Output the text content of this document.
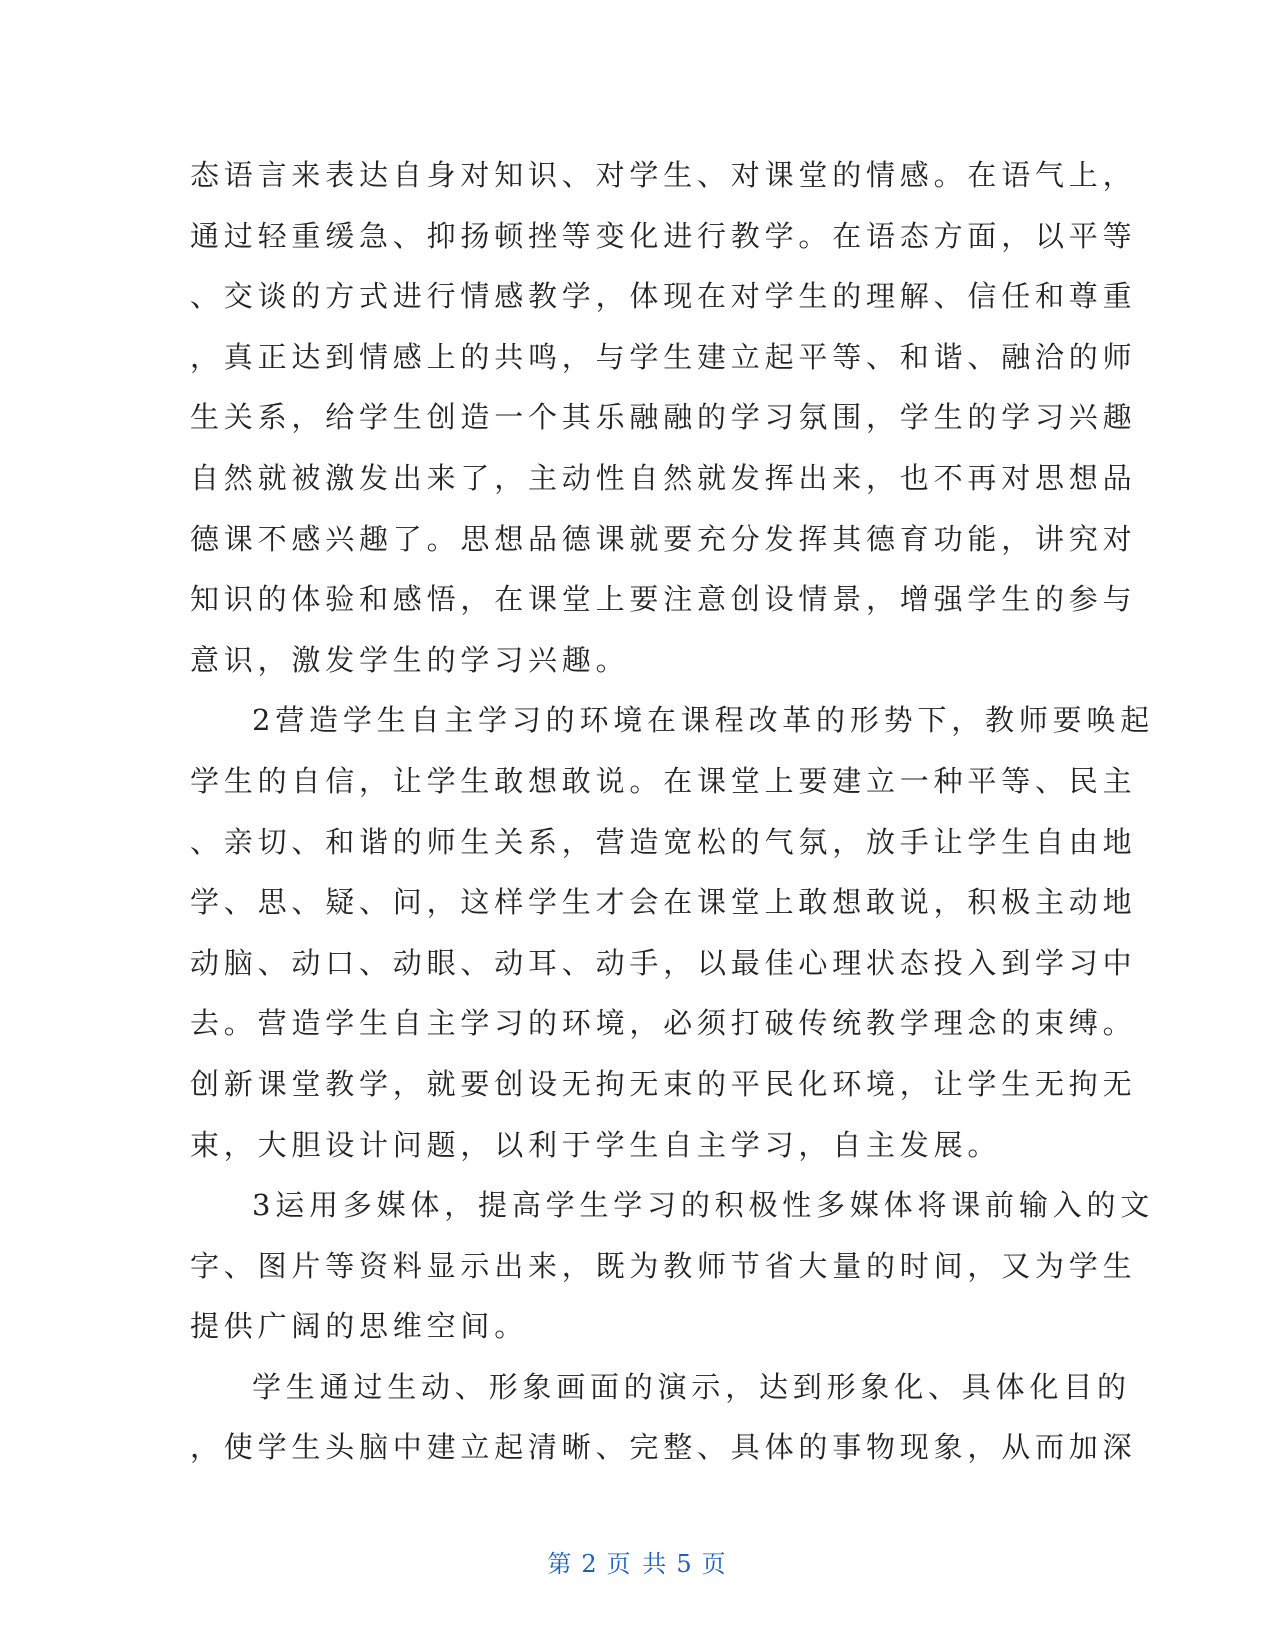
态语言来表达自身对知识、对学生、对课堂的情感。在语气上，
通过轻重缓急、抑扬顿挫等变化进行教学。在语态方面，以平等
、交谈的方式进行情感教学，体现在对学生的理解、信任和尊重
，真正达到情感上的共鸣，与学生建立起平等、和谐、融洽的师
生关系，给学生创造一个其乐融融的学习氛围，学生的学习兴趣
自然就被激发出来了，主动性自然就发挥出来，也不再对思想品
德课不感兴趣了。思想品德课就要充分发挥其德育功能，讲究对
知识的体验和感悟，在课堂上要注意创设情景，增强学生的参与
意识，激发学生的学习兴趣。
2营造学生自主学习的环境在课程改革的形势下，教师要唤起
学生的自信，让学生敢想敢说。在课堂上要建立一种平等、民主
、亲切、和谐的师生关系，营造宽松的气氛，放手让学生自由地
学、思、疑、问，这样学生才会在课堂上敢想敢说，积极主动地
动脑、动口、动眼、动耳、动手，以最佳心理状态投入到学习中
去。营造学生自主学习的环境，必须打破传统教学理念的束缚。
创新课堂教学，就要创设无拘无束的平民化环境，让学生无拘无
束，大胆设计问题，以利于学生自主学习，自主发展。
3运用多媒体，提高学生学习的积极性多媒体将课前输入的文
字、图片等资料显示出来，既为教师节省大量的时间，又为学生
提供广阔的思维空间。
学生通过生动、形象画面的演示，达到形象化、具体化目的
，使学生头脑中建立起清晰、完整、具体的事物现象，从而加深
第 2 页 共 5 页
